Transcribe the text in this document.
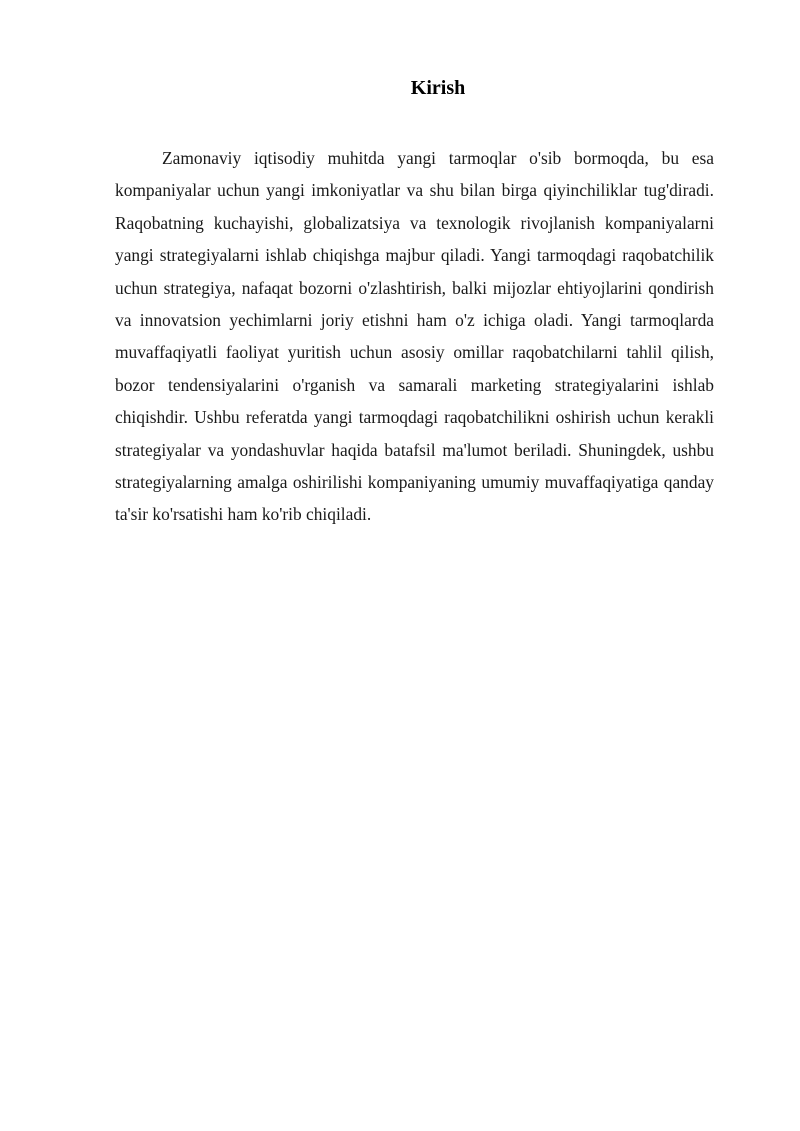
Kirish

Zamonaviy iqtisodiy muhitda yangi tarmoqlar o'sib bormoqda, bu esa kompaniyalar uchun yangi imkoniyatlar va shu bilan birga qiyinchiliklar tug'diradi. Raqobatning kuchayishi, globalizatsiya va texnologik rivojlanish kompaniyalarni yangi strategiyalarni ishlab chiqishga majbur qiladi. Yangi tarmoqdagi raqobatchilik uchun strategiya, nafaqat bozorni o'zlashtirish, balki mijozlar ehtiyojlarini qondirish va innovatsion yechimlarni joriy etishni ham o'z ichiga oladi. Yangi tarmoqlarda muvaffaqiyatli faoliyat yuritish uchun asosiy omillar raqobatchilarni tahlil qilish, bozor tendensiyalarini o'rganish va samarali marketing strategiyalarini ishlab chiqishdir. Ushbu referatda yangi tarmoqdagi raqobatchilikni oshirish uchun kerakli strategiyalar va yondashuvlar haqida batafsil ma'lumot beriladi. Shuningdek, ushbu strategiyalarning amalga oshirilishi kompaniyaning umumiy muvaffaqiyatiga qanday ta'sir ko'rsatishi ham ko'rib chiqiladi.
